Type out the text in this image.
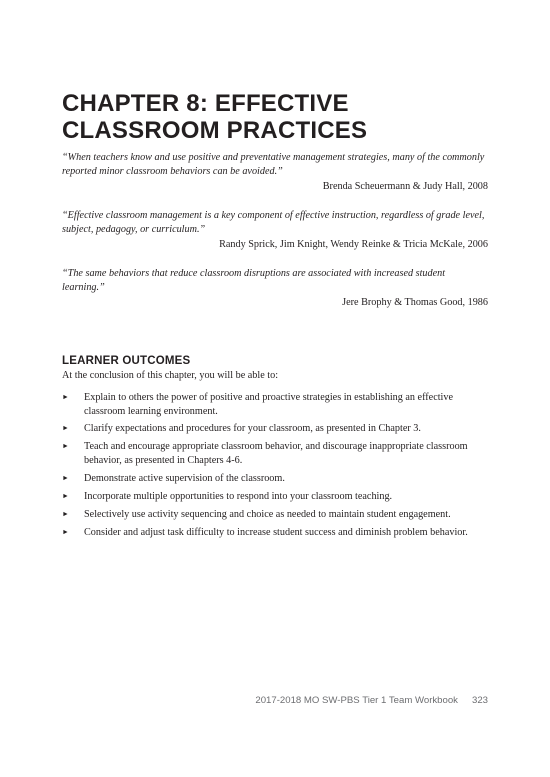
CHAPTER 8: EFFECTIVE
CLASSROOM PRACTICES

“When teachers know and use positive and preventative management strategies, many of the commonly reported minor classroom behaviors can be avoided.”

Brenda Scheuermann & Judy Hall, 2008

“Effective classroom management is a key component of effective instruction, regardless of grade level, subject, pedagogy, or curriculum.”

Randy Sprick, Jim Knight, Wendy Reinke & Tricia McKale, 2006

“The same behaviors that reduce classroom disruptions are associated with increased student learning.”

Jere Brophy & Thomas Good, 1986

LEARNER OUTCOMES

At the conclusion of this chapter, you will be able to:

► Explain to others the power of positive and proactive strategies in establishing an effective classroom learning environment.
► Clarify expectations and procedures for your classroom, as presented in Chapter 3.
► Teach and encourage appropriate classroom behavior, and discourage inappropriate classroom behavior, as presented in Chapters 4-6.
► Demonstrate active supervision of the classroom.
► Incorporate multiple opportunities to respond into your classroom teaching.
► Selectively use activity sequencing and choice as needed to maintain student engagement.
► Consider and adjust task difficulty to increase student success and diminish problem behavior.
2017-2018 MO SW-PBS Tier 1 Team Workbook 323
